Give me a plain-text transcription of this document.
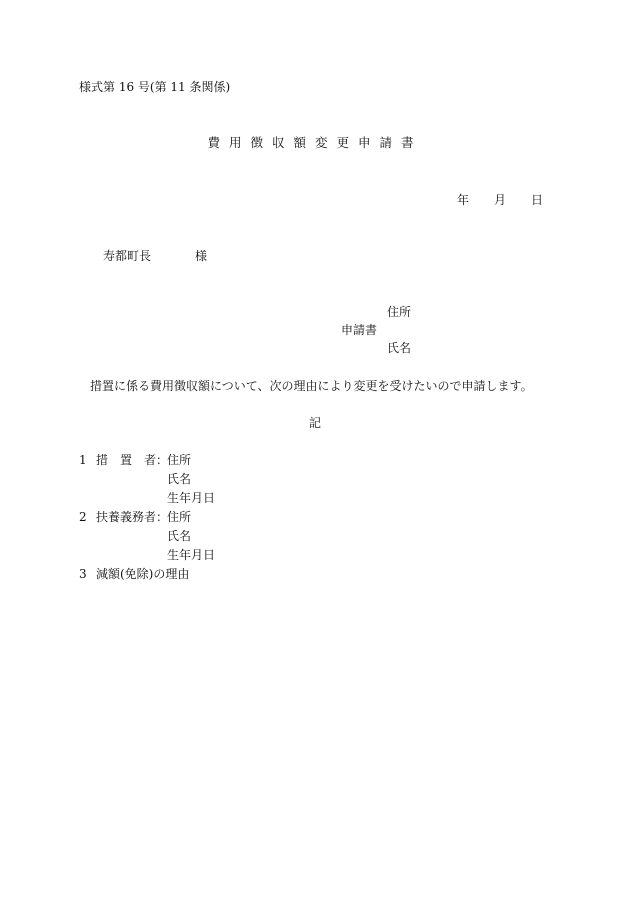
様式第 16 号(第 11 条関係)
費用徴収額変更申請書
年 月 日
寿都町長	様
住所
申請書
氏名
措置に係る費用徴収額について、次の理由により変更を受けたいので申請します。
記
1 措　置　者：
住所
氏名
生年月日
2 扶養義務者：
住所
氏名
生年月日
3 減額(免除)の理由
